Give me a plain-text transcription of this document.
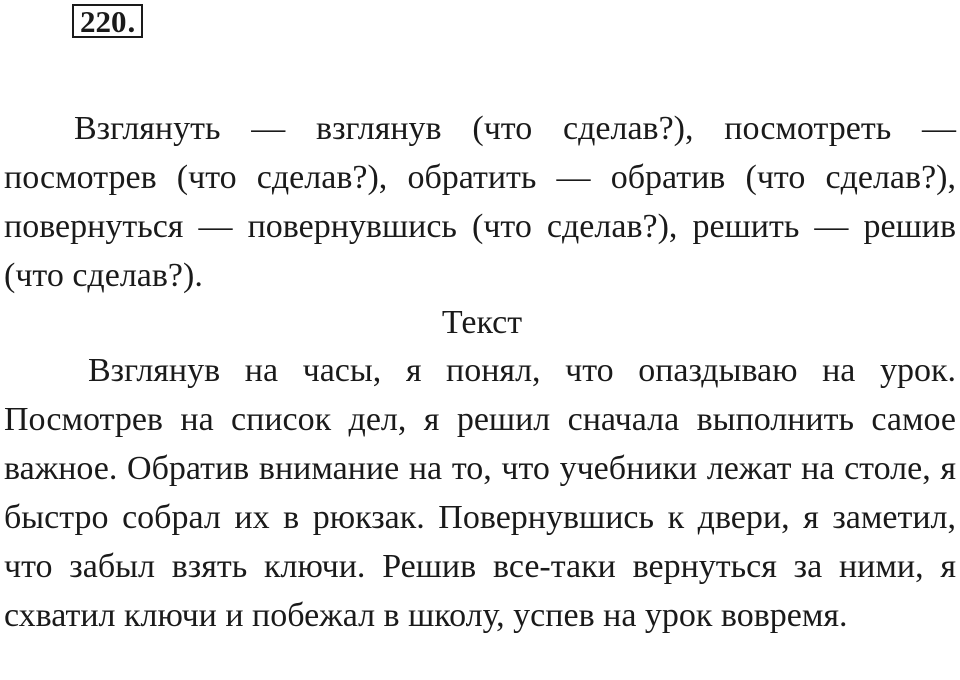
220 .

Взглянуть — взглянув (что сделав?), посмотреть — посмотрев (что сделав?), обратить — обратив (что сделав?), повернуться — повернувшись (что сделав?), решить — решив (что сделав?).

Текст

Взглянув на часы, я понял, что опаздываю на урок. Посмотрев на список дел, я решил сначала выполнить самое важное. Обратив внимание на то, что учебники лежат на столе, я быстро собрал их в рюкзак. Повернувшись к двери, я заметил, что забыл взять ключи. Решив все-таки вернуться за ними, я схватил ключи и побежал в школу, успев на урок вовремя.
